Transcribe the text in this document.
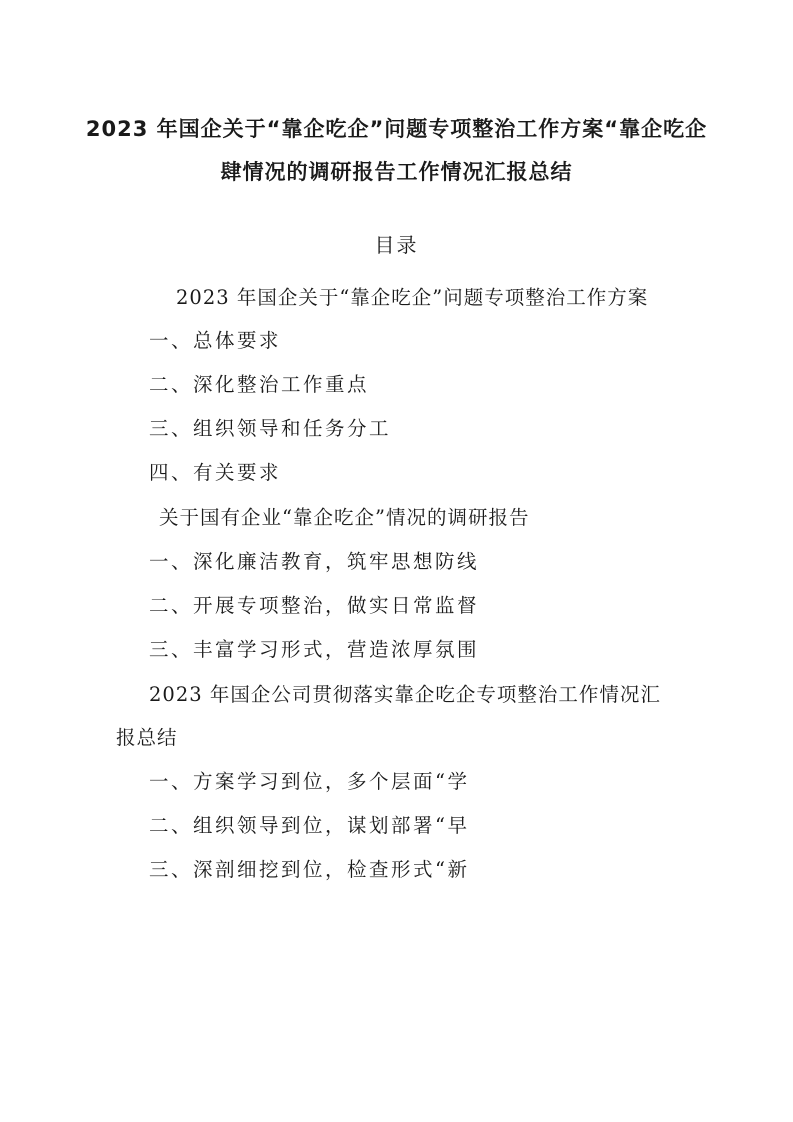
2023 年国企关于“靠企吃企”问题专项整治工作方案“靠企吃企
肆情况的调研报告工作情况汇报总结
目录
2023 年国企关于“靠企吃企”问题专项整治工作方案
一、总体要求
二、深化整治工作重点
三、组织领导和任务分工
四、有关要求
关于国有企业“靠企吃企”情况的调研报告
一、深化廉洁教育，筑牢思想防线
二、开展专项整治，做实日常监督
三、丰富学习形式，营造浓厚氛围
2023 年国企公司贯彻落实靠企吃企专项整治工作情况汇
报总结
一、方案学习到位，多个层面“学
二、组织领导到位，谋划部署“早
三、深剖细挖到位，检查形式“新
